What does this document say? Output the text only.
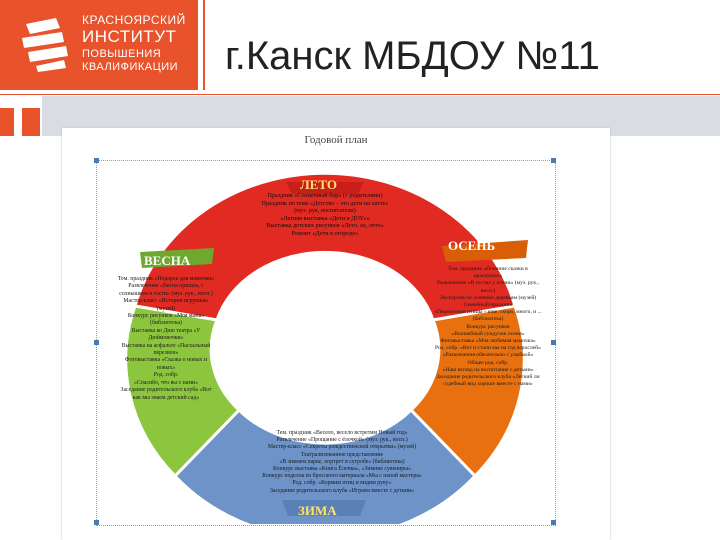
КРАСНОЯРСКИЙ
ИНСТИТУТ
ПОВЫШЕНИЯ
КВАЛИФИКАЦИИ г.Канск МБДОУ №11
Годовой план
ЛЕТО
ОСЕНЬ
ЗИМА
ВЕСНА
Праздник «Солнечный бор» (с родителями)
Праздник по теме «Детство – это дети на свете»
(муз. рук, воспитатели)
«Летняя выставка «Дети в ДОУ»»
Выставка детских рисунков «Лето, ах, лето»
Ремонт «Дети в огороде»
Тем. праздник «Осенние сказки в краскушах»
Развлечение «В гостях у осени» (муз. рук., восп.)
Экскурсия по осенним деревьям (музей)
Семейный праздник
«Перелетные птицы – еще, скоро, много, и ... (библиотека)
Конкурс рисунков
«Волшебный сундучок осени»
Фотовыставка «Моя любимая мамочка»
Род. собр. «Вот и стали мы на год взрослей»
«Развлечения обязательно с улыбкой»
Общее род. собр.
«Наш взгляд на воспитание с детьми»
Заседание родительского клуба «Легкий ли судебный вид хороше вместе с нами»
Тем. праздник «Весело, весело встретим Новый год»
Развлечение «Прощание с ёлочкой» (муз. рук., восп.)
Мастер-класс «Секреты рождественской открытки» (музей)
Театрализованное представление
«В зимнем парке, портрет в сугробе» (библиотека)
Конкурс выставка «Книга Ёлочка», «Зимние сувениры»
Конкурс поделок из бросового материала «Мы с папой мастера»
Род. собр. «Кормим птиц и видим руку»
Заседание родительского клуба «Играем вместе с детьми»
Тем. праздник «Подарок для мамочки»
Развлечение «Весна пришла, с солнышком в гости» (муз. рук., восп.)
Мастер-класс «Истории игрушки» (музей)
Конкурс рисунков «Моя мама» (библиотека)
Выставка ко Дню театра «У Дюймовочки»
Выставка на асфальте «Пасхальный перезвон»
Фотовыставка «Сказка о новых и новых»
Род. собр.
«Спасибо, что вы с нами»
Заседание родительского клуба «Вот как мы знаем детский сад»
